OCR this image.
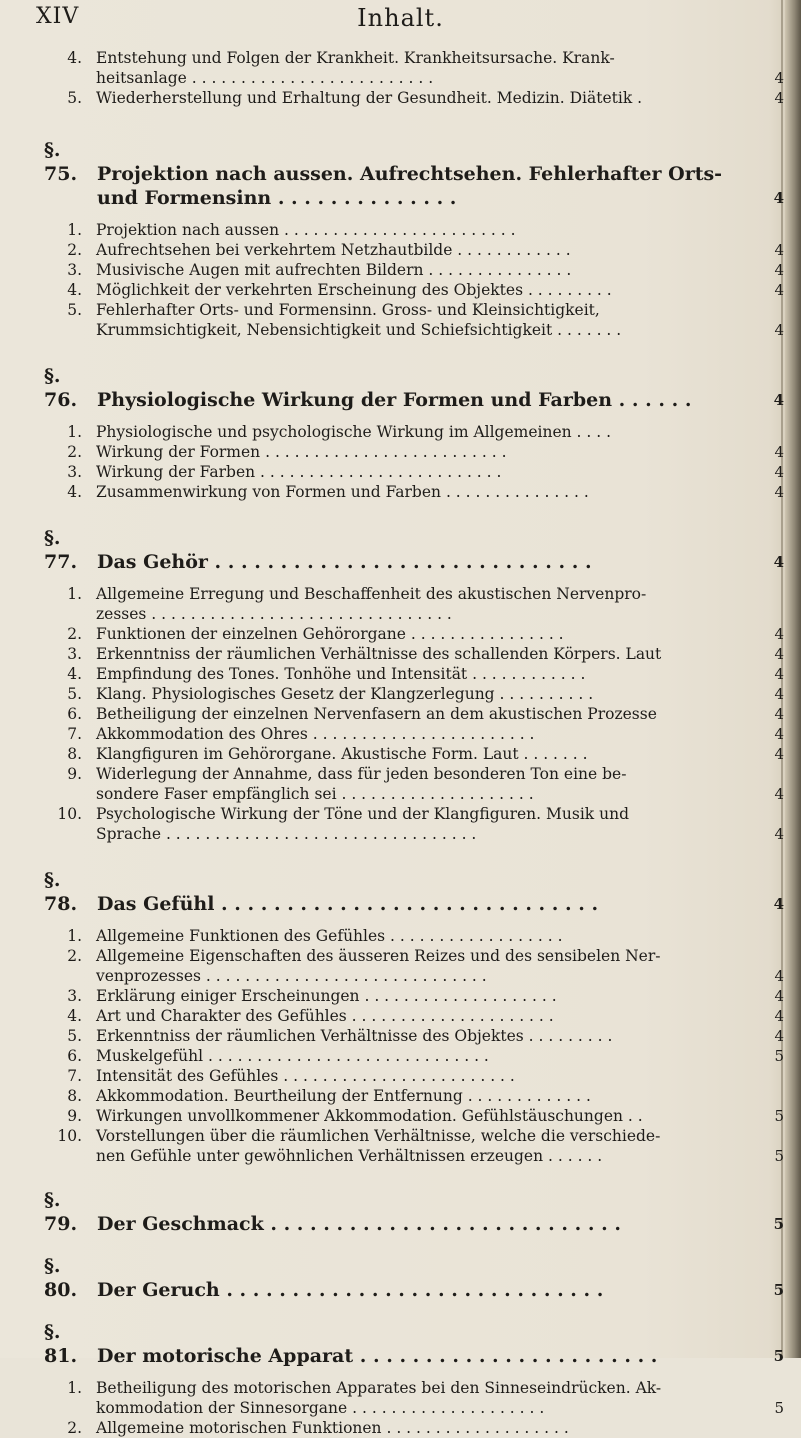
Inhalt.
XIV
4. Entstehung und Folgen der Krankheit. Krankheitsursache. Krank-
heitsanlage . . . . . . . . . . . . . . . . . . . . . . . . .	4
5. Wiederherstellung und Erhaltung der Gesundheit. Medizin. Diätetik .	4
§. 75. Projektion nach aussen. Aufrechtsehen. Fehlerhafter Orts-
und Formensinn . . . . . . . . . . . . . .	4
1. Projektion nach aussen . . . . . . . . . . . . . . . . . . . . . . . .
2. Aufrechtsehen bei verkehrtem Netzhautbilde . . . . . . . . . . . .	4
3. Musivische Augen mit aufrechten Bildern . . . . . . . . . . . . . . .	4
4. Möglichkeit der verkehrten Erscheinung des Objektes . . . . . . . . .	4
5. Fehlerhafter Orts- und Formensinn. Gross- und Kleinsichtigkeit,
Krummsichtigkeit, Nebensichtigkeit und Schiefsichtigkeit . . . . . . .	4
§. 76. Physiologische Wirkung der Formen und Farben . . . . . .	4
1. Physiologische und psychologische Wirkung im Allgemeinen . . . .
2. Wirkung der Formen . . . . . . . . . . . . . . . . . . . . . . . . .	4
3. Wirkung der Farben . . . . . . . . . . . . . . . . . . . . . . . . .	4
4. Zusammenwirkung von Formen und Farben . . . . . . . . . . . . . . .	4
§. 77. Das Gehör . . . . . . . . . . . . . . . . . . . . . . . . . . . . .	4
1. Allgemeine Erregung und Beschaffenheit des akustischen Nervenpro-
zesses . . . . . . . . . . . . . . . . . . . . . . . . . . . . . . .
2. Funktionen der einzelnen Gehörorgane . . . . . . . . . . . . . . . .	4
3. Erkenntniss der räumlichen Verhältnisse des schallenden Körpers. Laut	4
4. Empfindung des Tones. Tonhöhe und Intensität . . . . . . . . . . . .	4
5. Klang. Physiologisches Gesetz der Klangzerlegung . . . . . . . . . .	4
6. Betheiligung der einzelnen Nervenfasern an dem akustischen Prozesse	4
7. Akkommodation des Ohres . . . . . . . . . . . . . . . . . . . . . . .	4
8. Klangfiguren im Gehörorgane. Akustische Form. Laut . . . . . . .	4
9. Widerlegung der Annahme, dass für jeden besonderen Ton eine be-
sondere Faser empfänglich sei . . . . . . . . . . . . . . . . . . . .	4
10. Psychologische Wirkung der Töne und der Klangfiguren. Musik und
Sprache . . . . . . . . . . . . . . . . . . . . . . . . . . . . . . . .	4
§. 78. Das Gefühl . . . . . . . . . . . . . . . . . . . . . . . . . . . . .	4
1. Allgemeine Funktionen des Gefühles . . . . . . . . . . . . . . . . . .
2. Allgemeine Eigenschaften des äusseren Reizes und des sensibelen Ner-
venprozesses . . . . . . . . . . . . . . . . . . . . . . . . . . . . .	4
3. Erklärung einiger Erscheinungen . . . . . . . . . . . . . . . . . . . .	4
4. Art und Charakter des Gefühles . . . . . . . . . . . . . . . . . . . . .	4
5. Erkenntniss der räumlichen Verhältnisse des Objektes . . . . . . . . .	4
6. Muskelgefühl . . . . . . . . . . . . . . . . . . . . . . . . . . . . .	5
7. Intensität des Gefühles . . . . . . . . . . . . . . . . . . . . . . . .
8. Akkommodation. Beurtheilung der Entfernung . . . . . . . . . . . . .
9. Wirkungen unvollkommener Akkommodation. Gefühlstäuschungen . .	5
10. Vorstellungen über die räumlichen Verhältnisse, welche die verschiede-
nen Gefühle unter gewöhnlichen Verhältnissen erzeugen . . . . . .	5
§. 79. Der Geschmack . . . . . . . . . . . . . . . . . . . . . . . . . . .	5
§. 80. Der Geruch . . . . . . . . . . . . . . . . . . . . . . . . . . . . .	5
§. 81. Der motorische Apparat . . . . . . . . . . . . . . . . . . . . . . .	5
1. Betheiligung des motorischen Apparates bei den Sinneseindrücken. Ak-
kommodation der Sinnesorgane . . . . . . . . . . . . . . . . . . . .	5
2. Allgemeine motorischen Funktionen . . . . . . . . . . . . . . . . . . .
